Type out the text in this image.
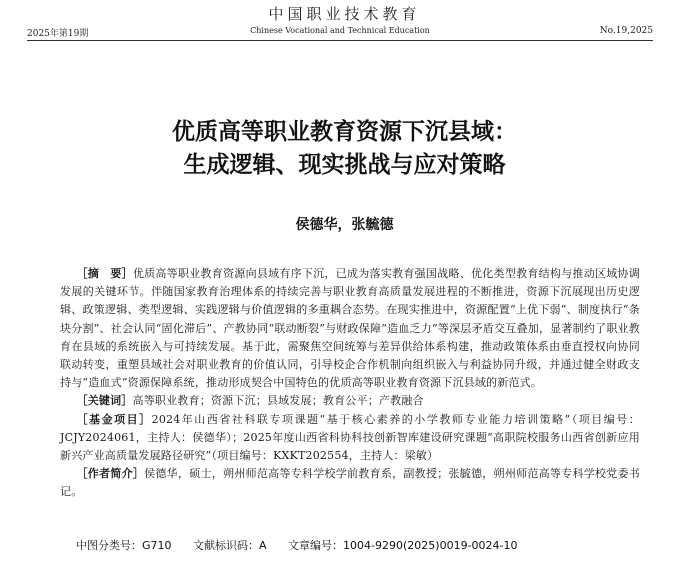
中国职业技术教育
2025年第19期	Chinese Vocational and Technical Education	No.19,2025
优质高等职业教育资源下沉县域：
生成逻辑、现实挑战与应对策略
侯德华，张毓德

［摘　要］优质高等职业教育资源向县域有序下沉，已成为落实教育强国战略、优化类型教育结构与推动区域协调发展的关键环节。伴随国家教育治理体系的持续完善与职业教育高质量发展进程的不断推进，资源下沉展现出历史逻辑、政策逻辑、类型逻辑、实践逻辑与价值逻辑的多重耦合态势。在现实推进中，资源配置“上优下弱”、制度执行“条块分割”、社会认同“固化滞后”、产教协同“联动断裂”与财政保障“造血乏力”等深层矛盾交互叠加，显著制约了职业教育在县域的系统嵌入与可持续发展。基于此，需聚焦空间统筹与差异供给体系构建，推动政策体系由垂直授权向协同联动转变，重塑县域社会对职业教育的价值认同，引导校企合作机制向组织嵌入与利益协同升级，并通过健全财政支持与“造血式”资源保障系统，推动形成契合中国特色的优质高等职业教育资源下沉县域的新范式。

［关键词］高等职业教育；资源下沉；县域发展；教育公平；产教融合

［基金项目］2024年山西省社科联专项课题“基于核心素养的小学教师专业能力培训策略”（项目编号：JCJY2024061，主持人：侯德华）；2025年度山西省科协科技创新智库建设研究课题“高职院校服务山西省创新应用新兴产业高质量发展路径研究”（项目编号：KXKT202554，主持人：梁敏）

［作者简介］侯德华，硕士，朔州师范高等专科学校学前教育系，副教授；张毓德，朔州师范高等专科学校党委书记。

中图分类号：G710 文献标识码：A 文章编号：1004-9290(2025)0019-0024-10
